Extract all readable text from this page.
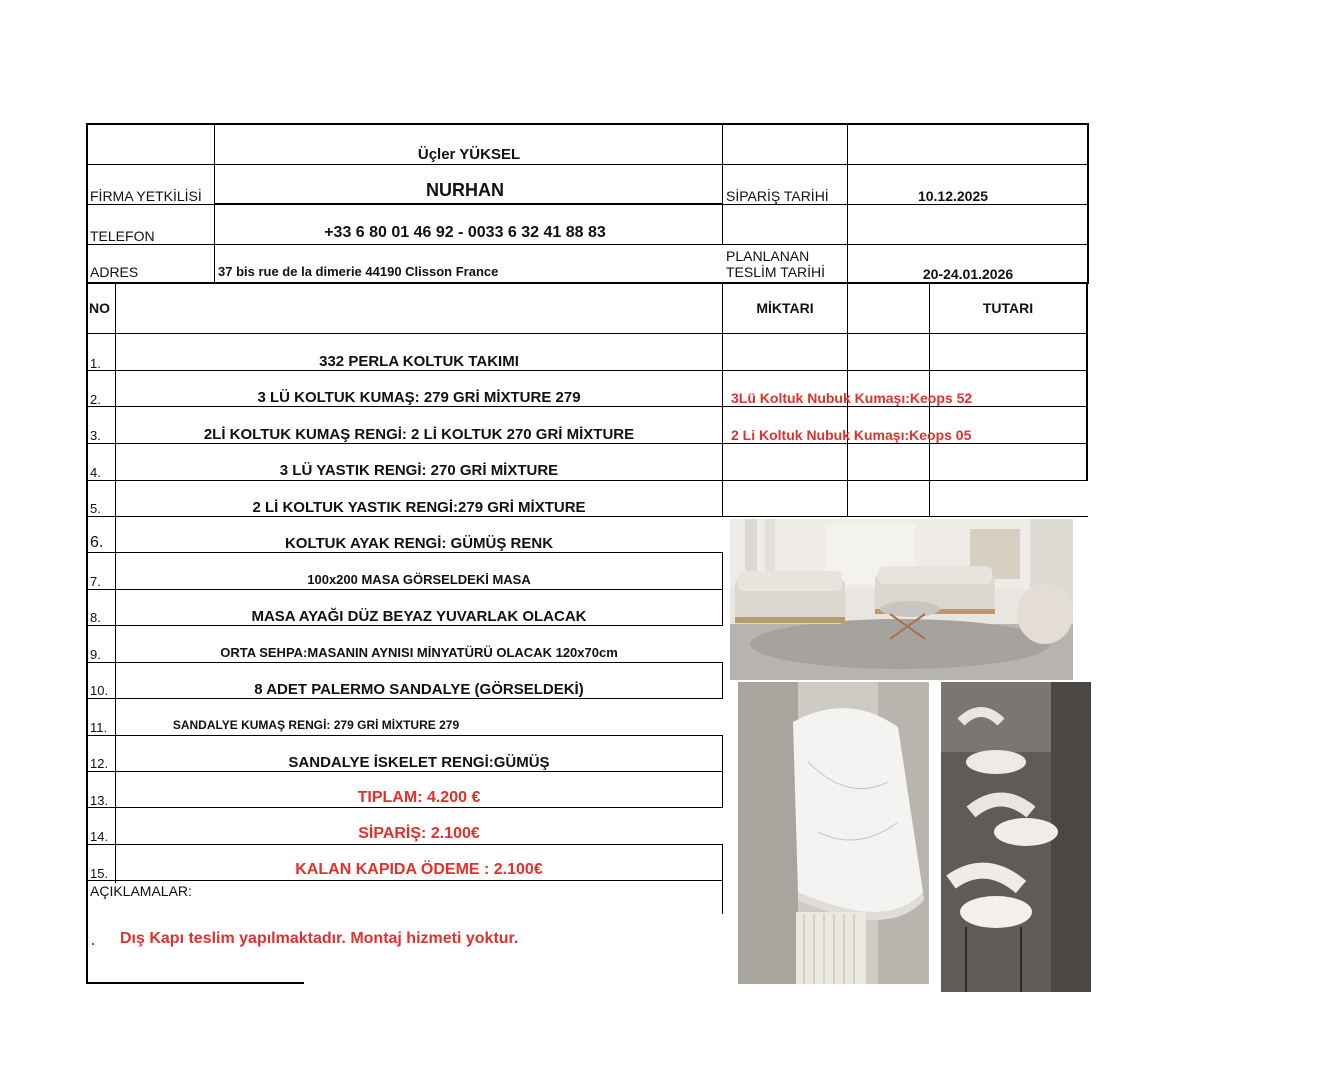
Üçler YÜKSEL
FİRMA YETKİLİSİ	NURHAN	SİPARİŞ TARİHİ	10.12.2025
TELEFON	+33 6 80 01 46 92 - 0033 6 32 41 88 83
ADRES	37 bis rue de la dimerie 44190 Clisson France
PLANLANAN
TESLİM TARİHİ	20-24.01.2026
NO	MİKTARI	TUTARI
1.	332 PERLA KOLTUK TAKIMI
2.	3 LÜ KOLTUK KUMAŞ: 279 GRİ MİXTURE 279	3Lü Koltuk Nubuk Kumaşı:Keops 52
3.	2Lİ KOLTUK KUMAŞ RENGİ: 2 Lİ KOLTUK 270 GRİ MİXTURE	2 Li Koltuk Nubuk Kumaşı:Keops 05
4.	3 LÜ YASTIK RENGİ: 270 GRİ MİXTURE
5.	2 Lİ KOLTUK YASTIK RENGİ:279 GRİ MİXTURE
6.	KOLTUK AYAK RENGİ: GÜMÜŞ RENK
7.	100x200 MASA GÖRSELDEKİ MASA
8.	MASA AYAĞI DÜZ BEYAZ YUVARLAK OLACAK
9.	ORTA SEHPA:MASANIN AYNISI MİNYATÜRÜ OLACAK 120x70cm
10.	8 ADET PALERMO SANDALYE (GÖRSELDEKİ)
11.	SANDALYE KUMAŞ RENGİ: 279 GRİ MİXTURE 279
12.	SANDALYE İSKELET RENGİ:GÜMÜŞ
13.	TIPLAM: 4.200 €
14.	SİPARİŞ: 2.100€
15.	KALAN KAPIDA ÖDEME : 2.100€
AÇIKLAMALAR:
. Dış Kapı teslim yapılmaktadır. Montaj hizmeti yoktur.
